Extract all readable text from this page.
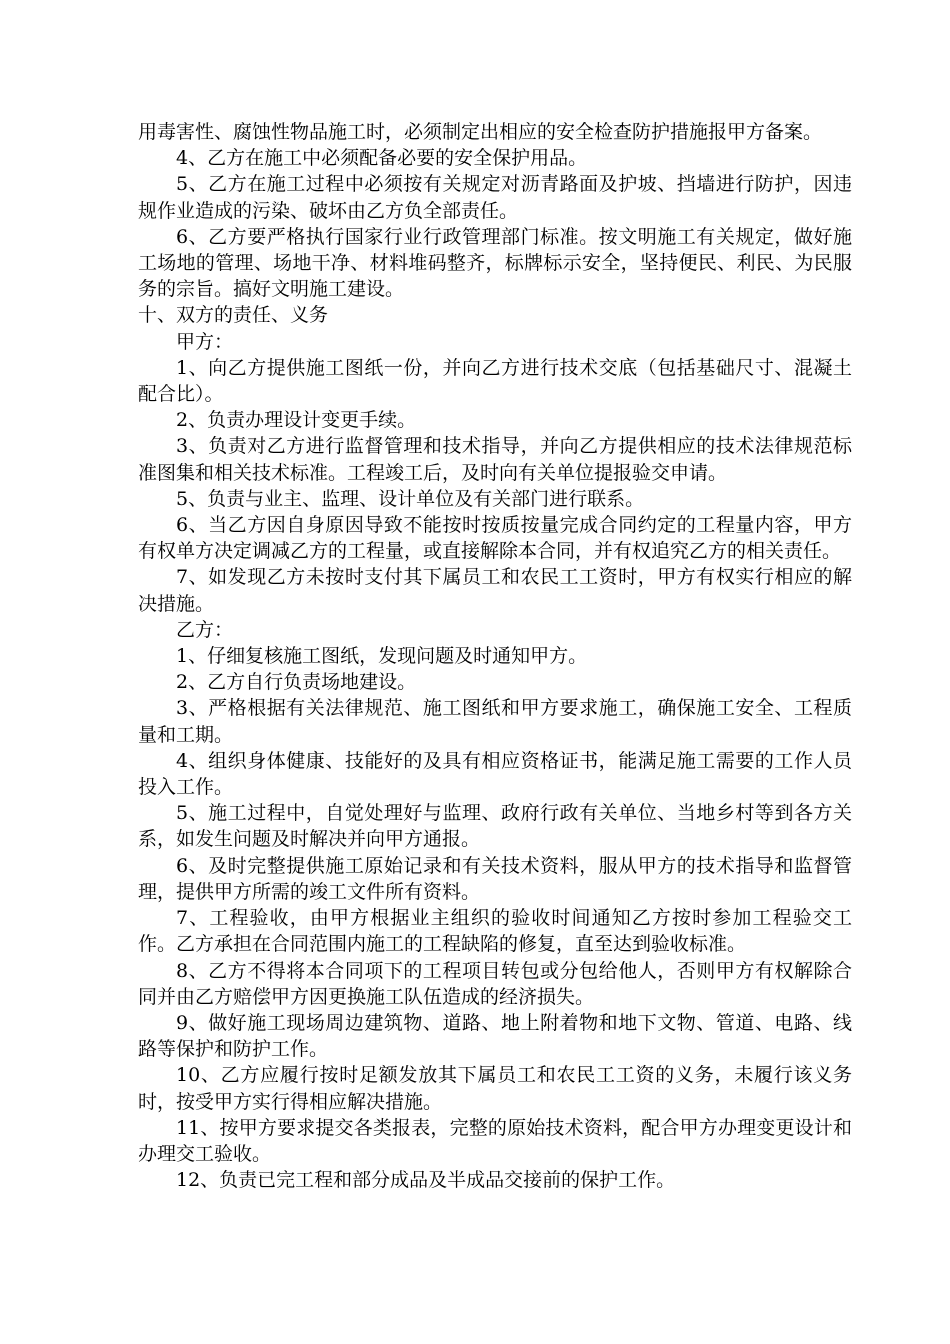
用毒害性、腐蚀性物品施工时，必须制定出相应的安全检查防护措施报甲方备案。

4、乙方在施工中必须配备必要的安全保护用品。

5、乙方在施工过程中必须按有关规定对沥青路面及护坡、挡墙进行防护，因违规作业造成的污染、破坏由乙方负全部责任。

6、乙方要严格执行国家行业行政管理部门标准。按文明施工有关规定，做好施工场地的管理、场地干净、材料堆码整齐，标牌标示安全，坚持便民、利民、为民服务的宗旨。搞好文明施工建设。

十、双方的责任、义务

甲方：

1、向乙方提供施工图纸一份，并向乙方进行技术交底（包括基础尺寸、混凝土配合比）。

2、负责办理设计变更手续。

3、负责对乙方进行监督管理和技术指导，并向乙方提供相应的技术法律规范标准图集和相关技术标准。工程竣工后，及时向有关单位提报验交申请。

5、负责与业主、监理、设计单位及有关部门进行联系。

6、当乙方因自身原因导致不能按时按质按量完成合同约定的工程量内容，甲方有权单方决定调减乙方的工程量，或直接解除本合同，并有权追究乙方的相关责任。

7、如发现乙方未按时支付其下属员工和农民工工资时，甲方有权实行相应的解决措施。

乙方：

1、仔细复核施工图纸，发现问题及时通知甲方。

2、乙方自行负责场地建设。

3、严格根据有关法律规范、施工图纸和甲方要求施工，确保施工安全、工程质量和工期。

4、组织身体健康、技能好的及具有相应资格证书，能满足施工需要的工作人员投入工作。

5、施工过程中，自觉处理好与监理、政府行政有关单位、当地乡村等到各方关系，如发生问题及时解决并向甲方通报。

6、及时完整提供施工原始记录和有关技术资料，服从甲方的技术指导和监督管理，提供甲方所需的竣工文件所有资料。

7、工程验收，由甲方根据业主组织的验收时间通知乙方按时参加工程验交工作。乙方承担在合同范围内施工的工程缺陷的修复，直至达到验收标准。

8、乙方不得将本合同项下的工程项目转包或分包给他人，否则甲方有权解除合同并由乙方赔偿甲方因更换施工队伍造成的经济损失。

9、做好施工现场周边建筑物、道路、地上附着物和地下文物、管道、电路、线路等保护和防护工作。

10、乙方应履行按时足额发放其下属员工和农民工工资的义务，未履行该义务时，按受甲方实行得相应解决措施。

11、按甲方要求提交各类报表，完整的原始技术资料，配合甲方办理变更设计和办理交工验收。

12、负责已完工程和部分成品及半成品交接前的保护工作。
